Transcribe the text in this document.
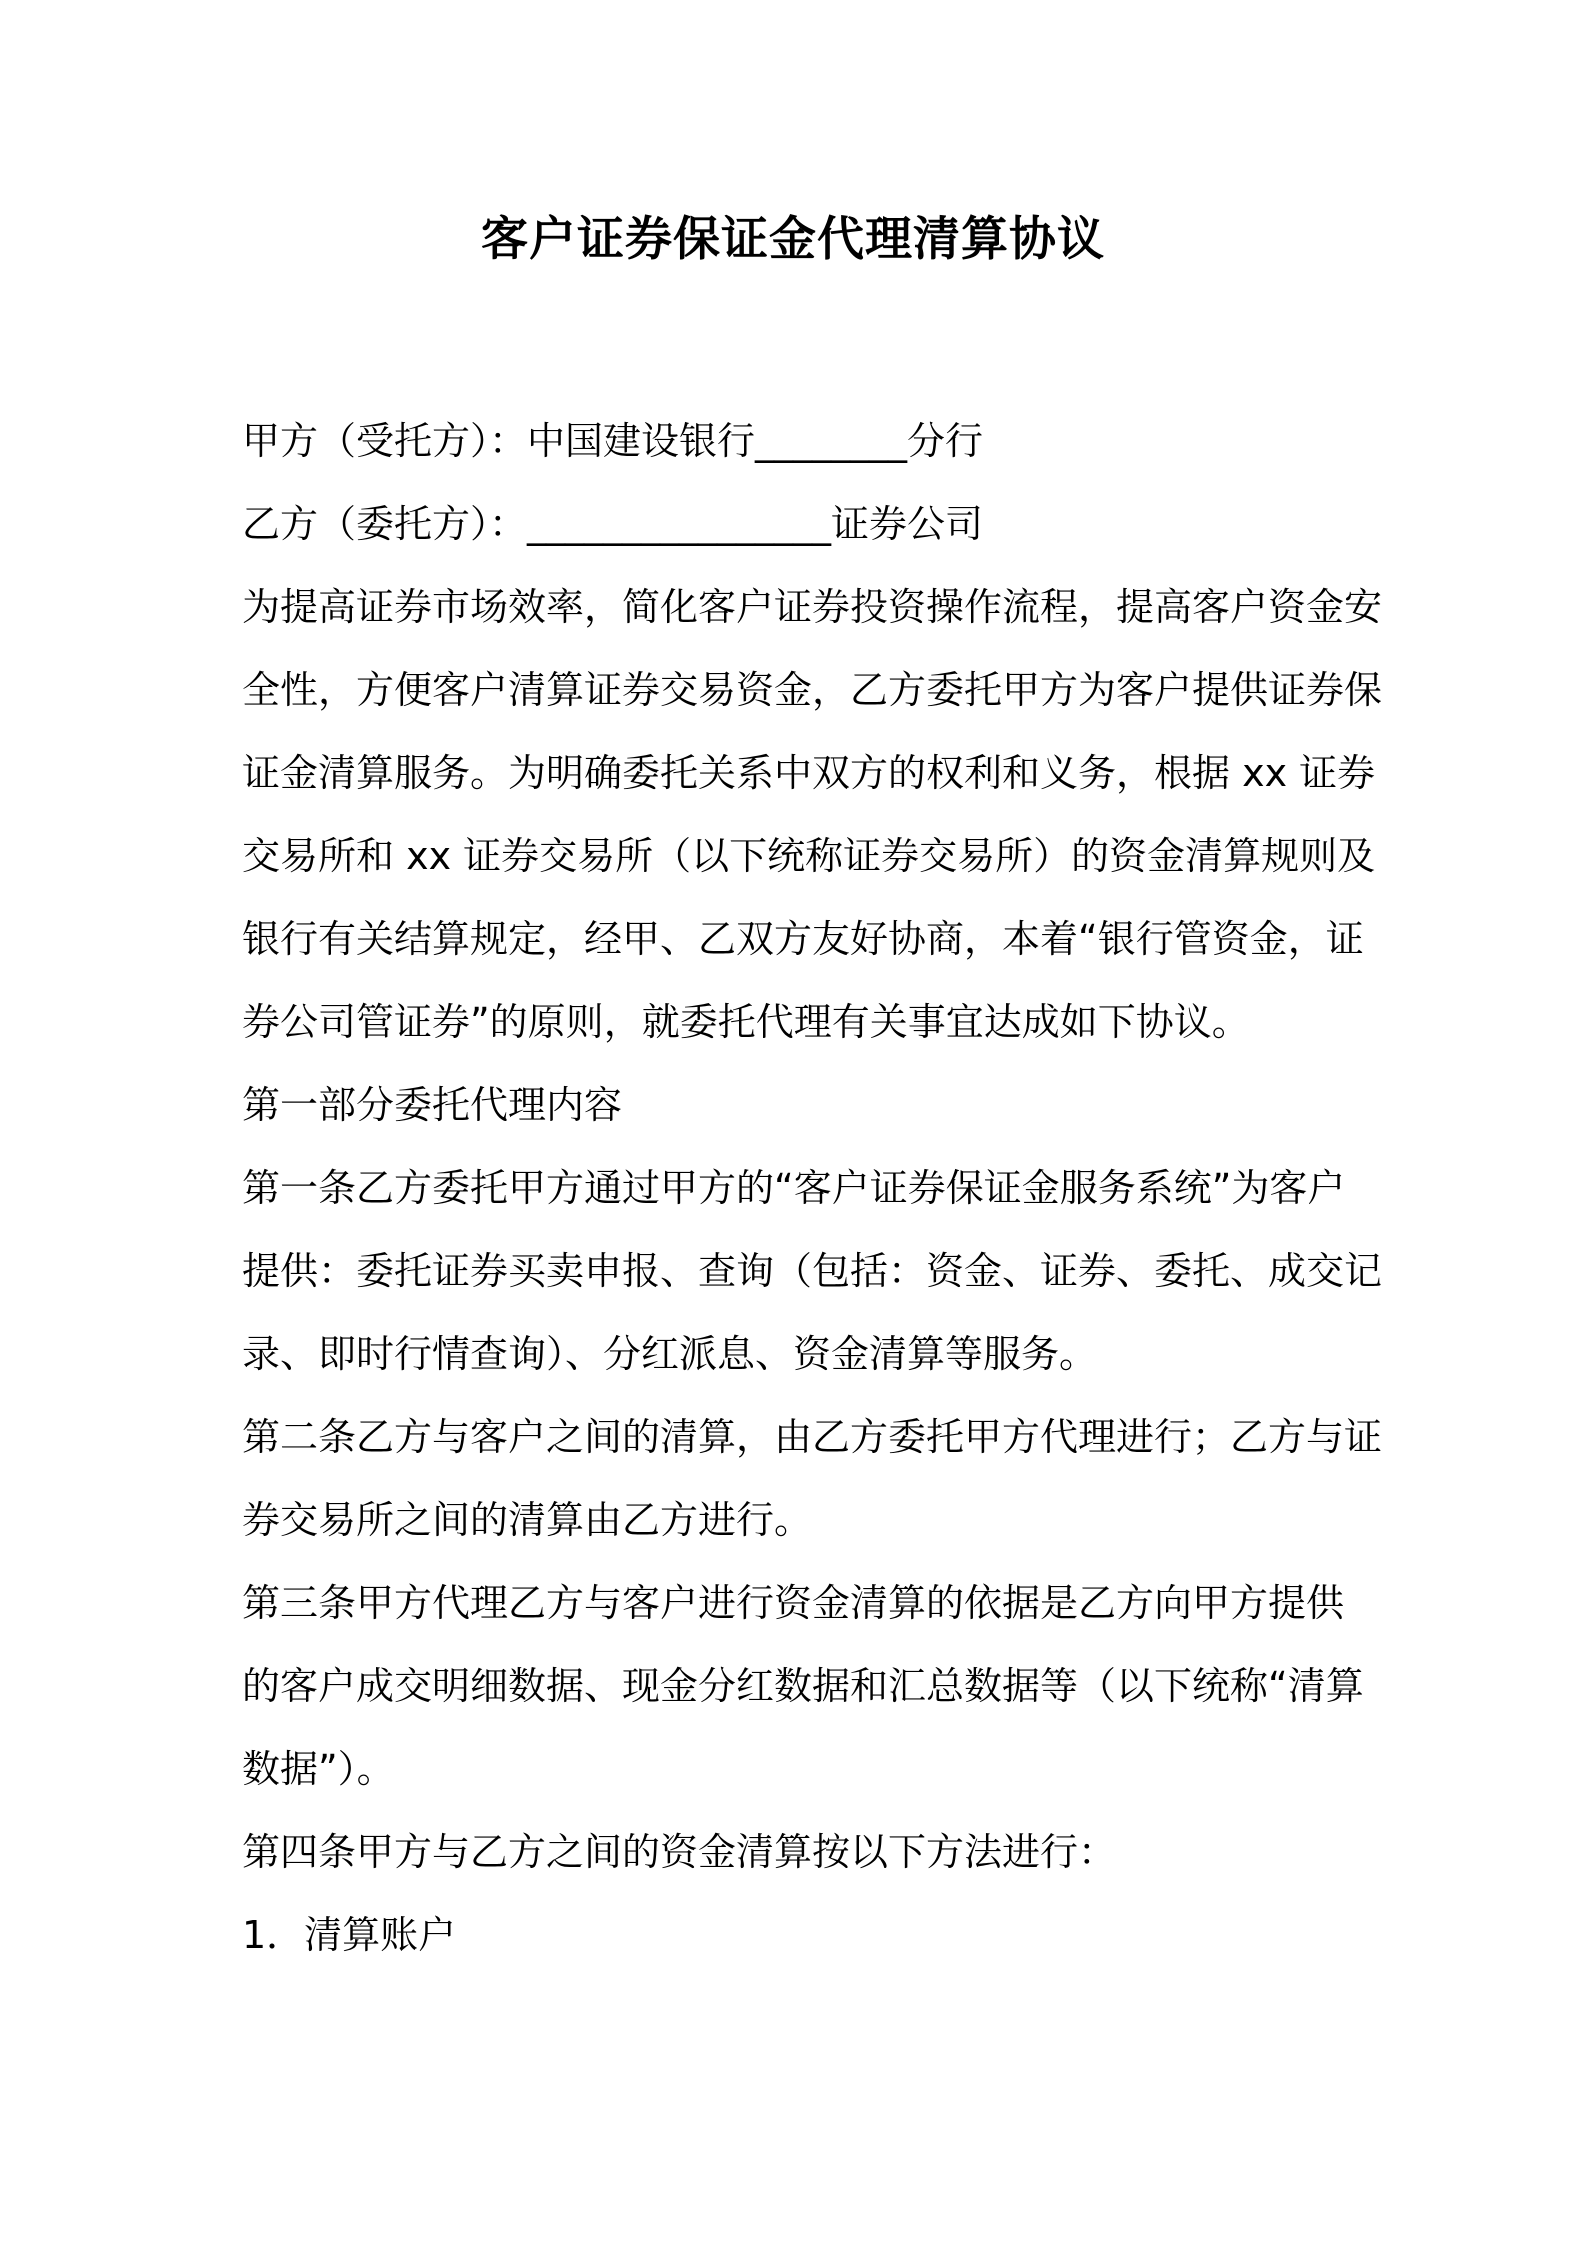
客户证券保证金代理清算协议

甲方（受托方）：中国建设银行________分行

乙方（委托方）：________________证券公司

为提高证券市场效率，简化客户证券投资操作流程，提高客户资金安

全性，方便客户清算证券交易资金，乙方委托甲方为客户提供证券保

证金清算服务。为明确委托关系中双方的权利和义务，根据 xx 证券

交易所和 xx 证券交易所（以下统称证券交易所）的资金清算规则及

银行有关结算规定，经甲、乙双方友好协商，本着“银行管资金，证

券公司管证券”的原则，就委托代理有关事宜达成如下协议。

第一部分委托代理内容

第一条乙方委托甲方通过甲方的“客户证券保证金服务系统”为客户

提供：委托证券买卖申报、查询（包括：资金、证券、委托、成交记

录、即时行情查询）、分红派息、资金清算等服务。

第二条乙方与客户之间的清算，由乙方委托甲方代理进行；乙方与证

券交易所之间的清算由乙方进行。

第三条甲方代理乙方与客户进行资金清算的依据是乙方向甲方提供

的客户成交明细数据、现金分红数据和汇总数据等（以下统称“清算

数据”）。

第四条甲方与乙方之间的资金清算按以下方法进行：

1．清算账户
